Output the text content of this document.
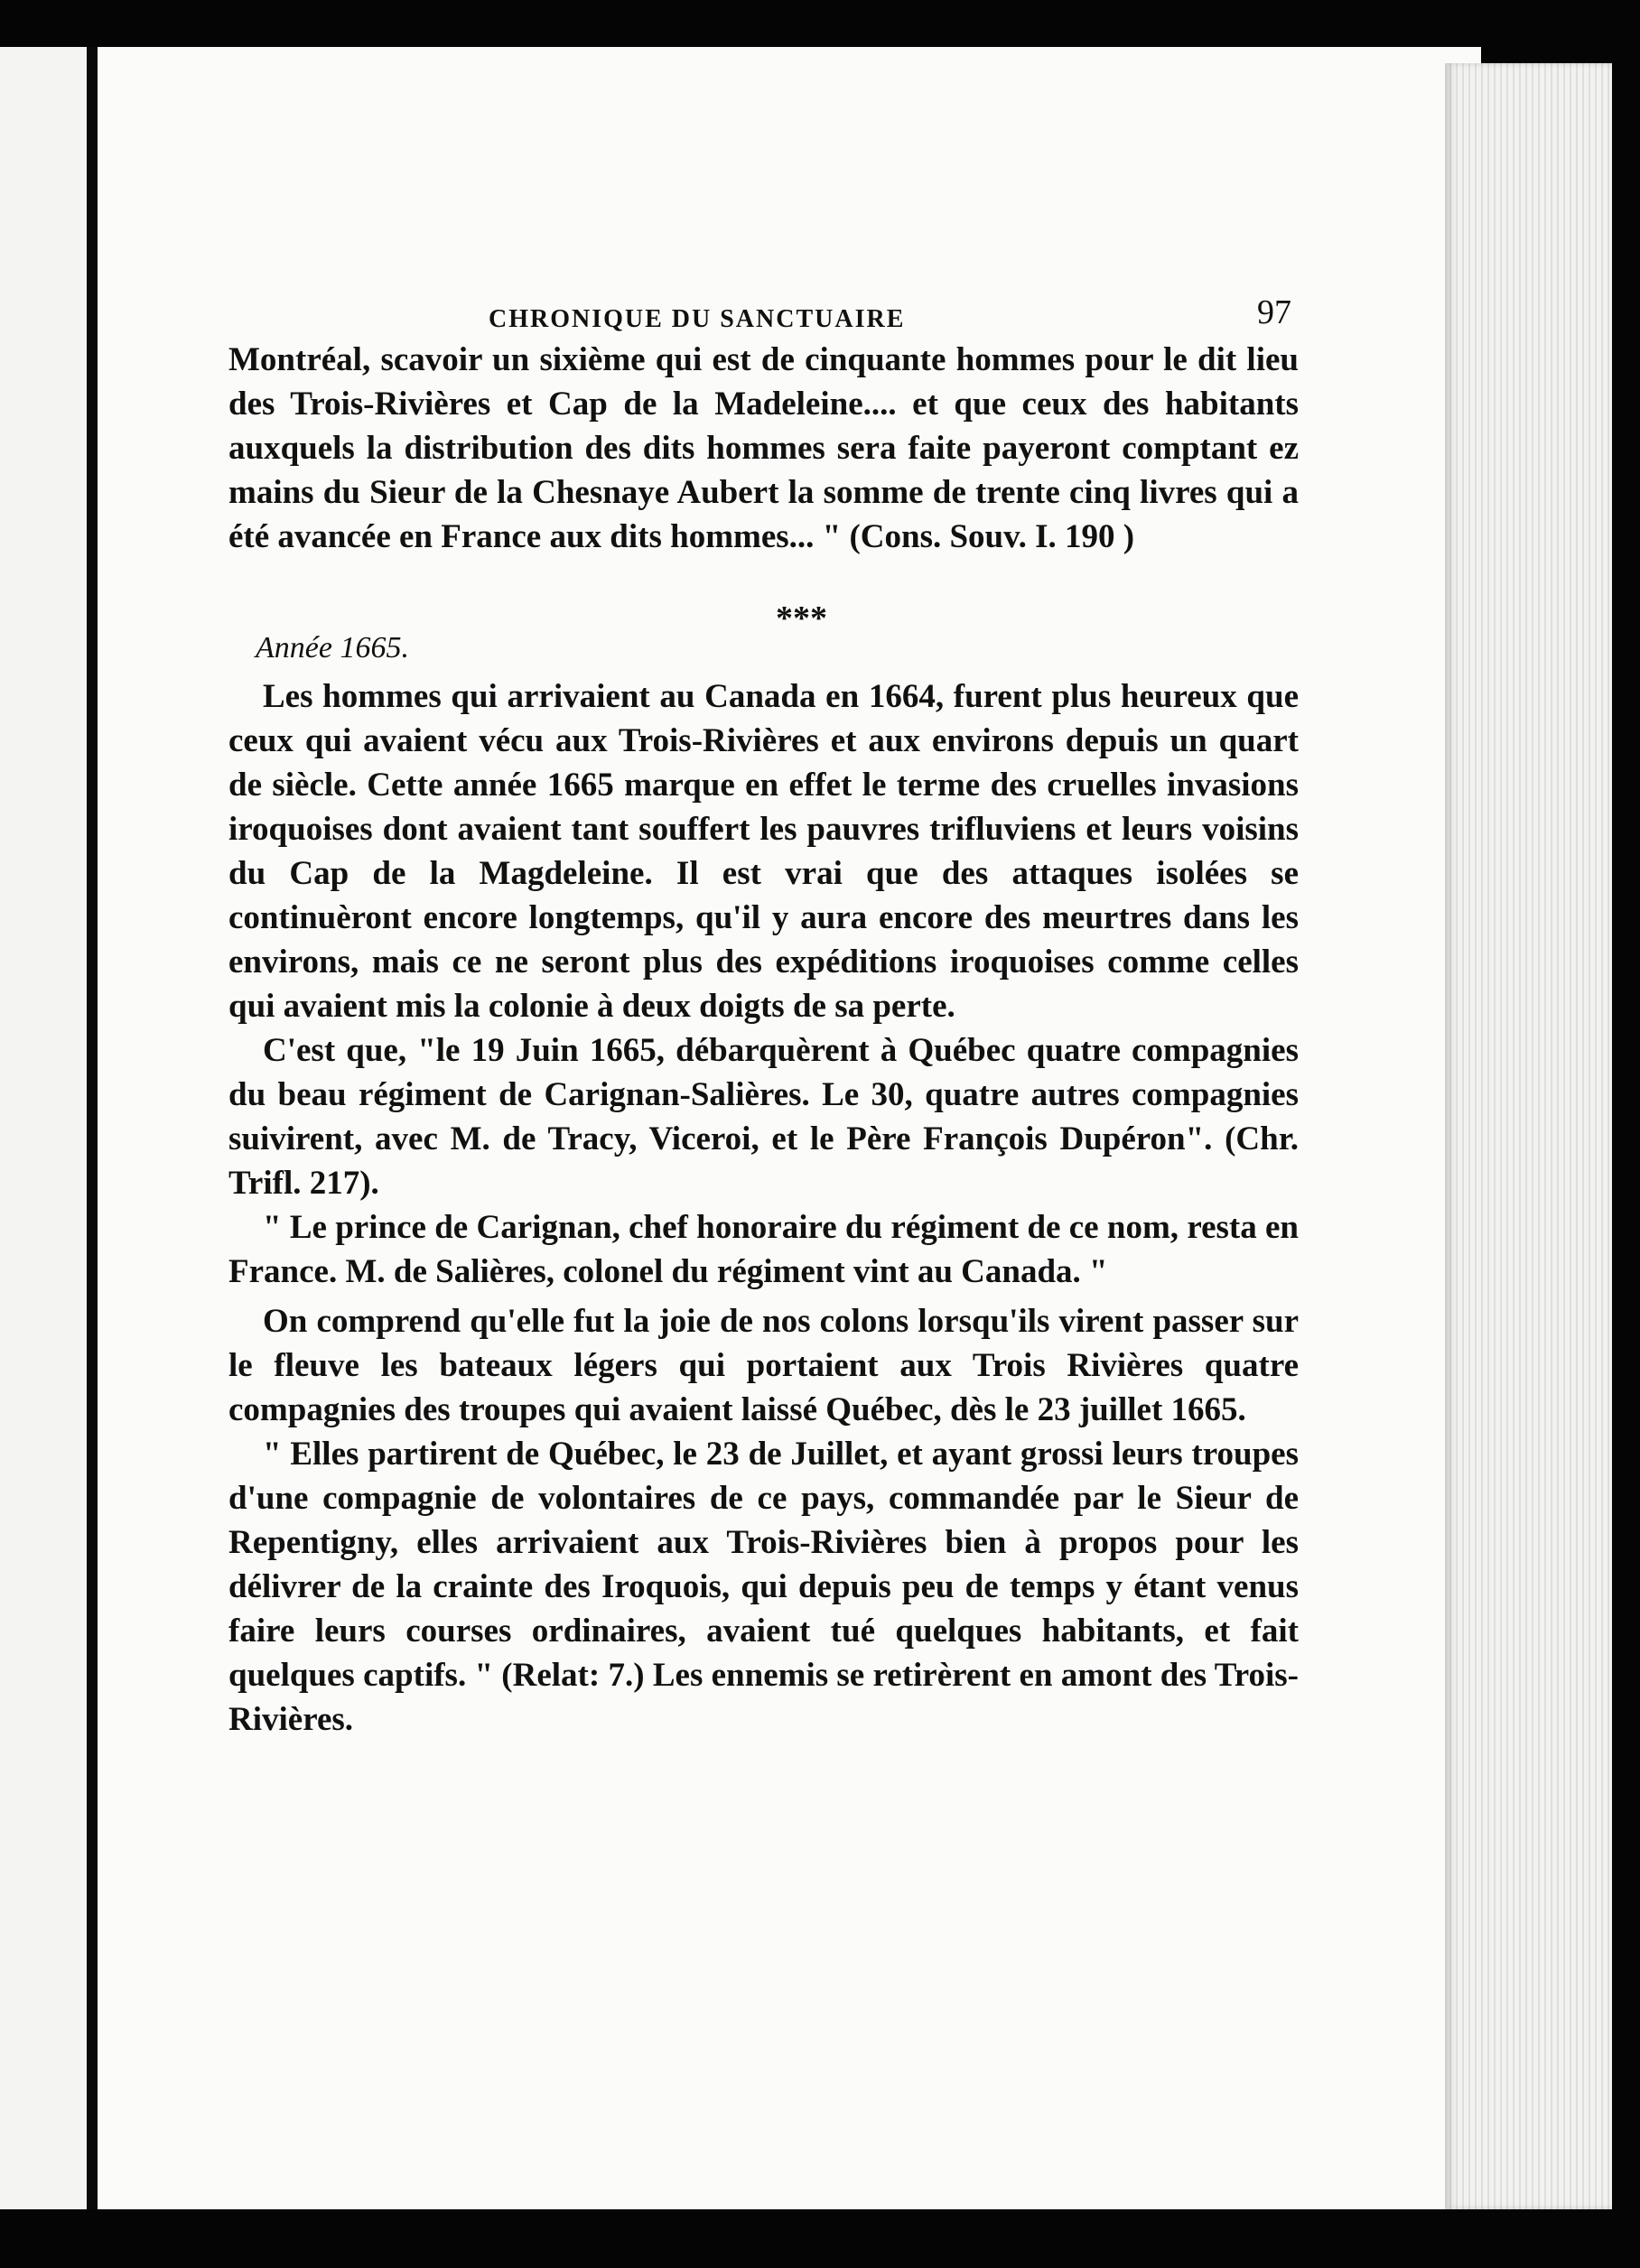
CHRONIQUE DU SANCTUAIRE	97

Montréal, scavoir un sixième qui est de cinquante hommes pour le dit lieu des Trois-Rivières et Cap de la Madeleine.... et que ceux des habitants auxquels la distribution des dits hommes sera faite payeront comptant ez mains du Sieur de la Chesnaye Aubert la somme de trente cinq livres qui a été avancée en France aux dits hommes... " (Cons. Souv. I. 190 )

***
Année 1665.

Les hommes qui arrivaient au Canada en 1664, furent plus heureux que ceux qui avaient vécu aux Trois-Rivières et aux environs depuis un quart de siècle. Cette année 1665 marque en effet le terme des cruelles invasions iroquoises dont avaient tant souffert les pauvres trifluviens et leurs voisins du Cap de la Magdeleine. Il est vrai que des attaques isolées se continuèront encore longtemps, qu'il y aura encore des meurtres dans les environs, mais ce ne seront plus des expéditions iroquoises comme celles qui avaient mis la colonie à deux doigts de sa perte.

C'est que, "le 19 Juin 1665, débarquèrent à Québec quatre compagnies du beau régiment de Carignan-Salières. Le 30, quatre autres compagnies suivirent, avec M. de Tracy, Viceroi, et le Père François Dupéron". (Chr. Trifl. 217).

" Le prince de Carignan, chef honoraire du régiment de ce nom, resta en France. M. de Salières, colonel du régiment vint au Canada. "

On comprend qu'elle fut la joie de nos colons lorsqu'ils virent passer sur le fleuve les bateaux légers qui portaient aux Trois Rivières quatre compagnies des troupes qui avaient laissé Québec, dès le 23 juillet 1665.

" Elles partirent de Québec, le 23 de Juillet, et ayant grossi leurs troupes d'une compagnie de volontaires de ce pays, commandée par le Sieur de Repentigny, elles arrivaient aux Trois-Rivières bien à propos pour les délivrer de la crainte des Iroquois, qui depuis peu de temps y étant venus faire leurs courses ordinaires, avaient tué quelques habitants, et fait quelques captifs. " (Relat: 7.) Les ennemis se retirèrent en amont des Trois-Rivières.
